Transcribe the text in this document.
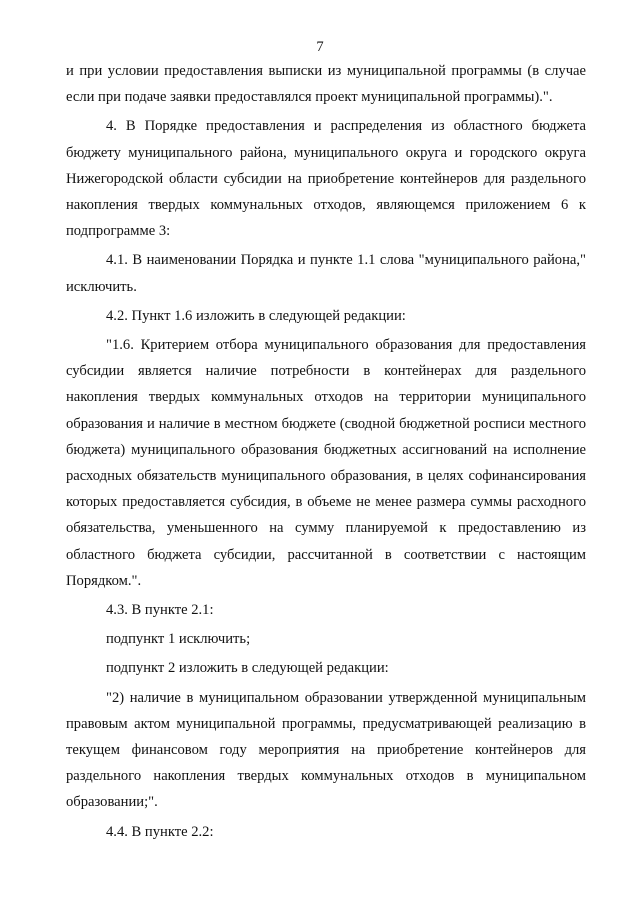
7

и при условии предоставления выписки из муниципальной программы (в случае если при подаче заявки предоставлялся проект муниципальной программы).".

4. В Порядке предоставления и распределения из областного бюджета бюджету муниципального района, муниципального округа и городского округа Нижегородской области субсидии на приобретение контейнеров для раздельного накопления твердых коммунальных отходов, являющемся приложением 6 к подпрограмме 3:

4.1. В наименовании Порядка и пункте 1.1 слова "муниципального района," исключить.

4.2. Пункт 1.6 изложить в следующей редакции:

"1.6. Критерием отбора муниципального образования для предоставления субсидии является наличие потребности в контейнерах для раздельного накопления твердых коммунальных отходов на территории муниципального образования и наличие в местном бюджете (сводной бюджетной росписи местного бюджета) муниципального образования бюджетных ассигнований на исполнение расходных обязательств муниципального образования, в целях софинансирования которых предоставляется субсидия, в объеме не менее размера суммы расходного обязательства, уменьшенного на сумму планируемой к предоставлению из областного бюджета субсидии, рассчитанной в соответствии с настоящим Порядком.".

4.3. В пункте 2.1:

подпункт 1 исключить;

подпункт 2 изложить в следующей редакции:

"2) наличие в муниципальном образовании утвержденной муниципальным правовым актом муниципальной программы, предусматривающей реализацию в текущем финансовом году мероприятия на приобретение контейнеров для раздельного накопления твердых коммунальных отходов в муниципальном образовании;".

4.4. В пункте 2.2:
